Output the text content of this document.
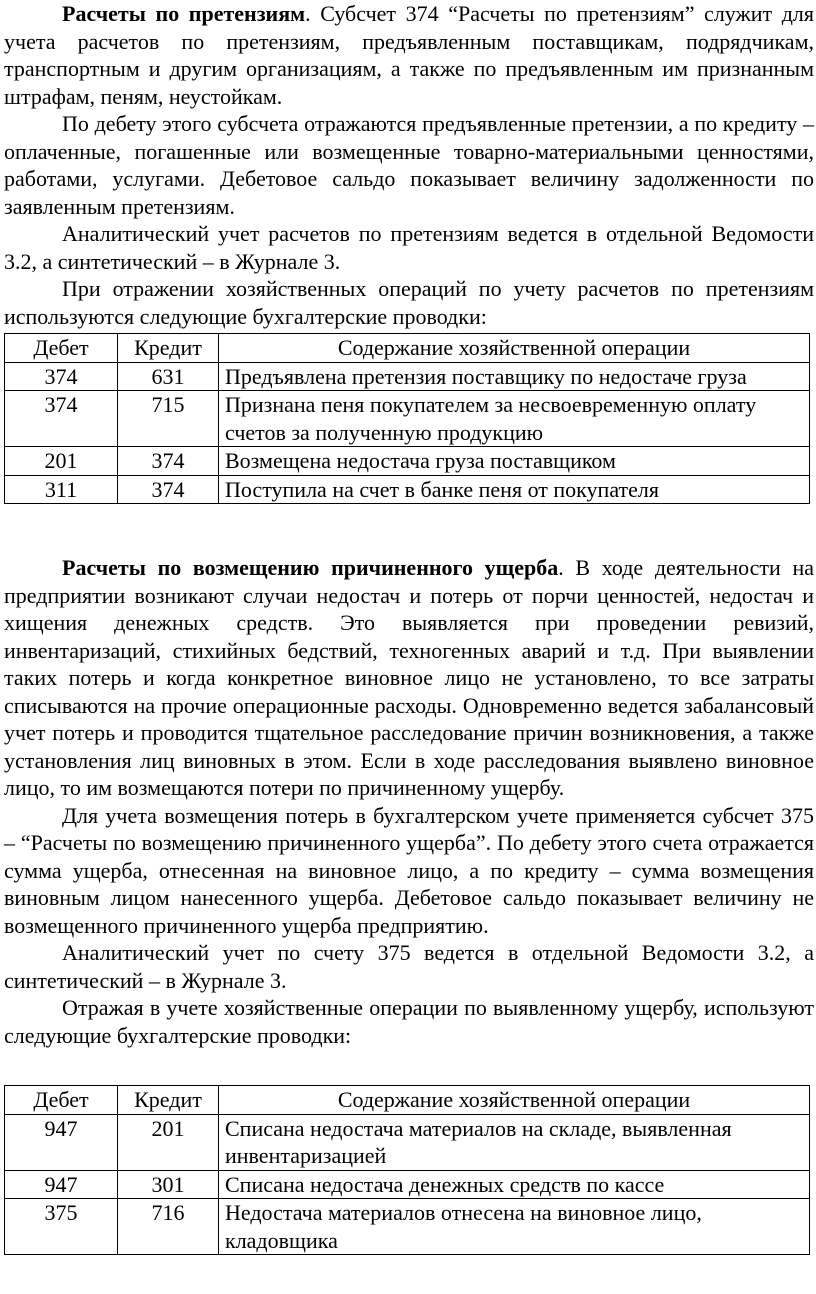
Расчеты по претензиям. Субсчет 374 “Расчеты по претензиям” служит для учета расчетов по претензиям, предъявленным поставщикам, подрядчикам, транспортным и другим организациям, а также по предъявленным им признанным штрафам, пеням, неустойкам.

По дебету этого субсчета отражаются предъявленные претензии, а по кредиту – оплаченные, погашенные или возмещенные товарно-материальными ценностями, работами, услугами. Дебетовое сальдо показывает величину задолженности по заявленным претензиям.

Аналитический учет расчетов по претензиям ведется в отдельной Ведомости 3.2, а синтетический – в Журнале 3.

При отражении хозяйственных операций по учету расчетов по претензиям используются следующие бухгалтерские проводки:

Дебет	Кредит	Содержание хозяйственной операции
374	631	Предъявлена претензия поставщику по недостаче груза
374	715	Признана пеня покупателем за несвоевременную оплату счетов за полученную продукцию
201	374	Возмещена недостача груза поставщиком
311	374	Поступила на счет в банке пеня от покупателя

Расчеты по возмещению причиненного ущерба. В ходе деятельности на предприятии возникают случаи недостач и потерь от порчи ценностей, недостач и хищения денежных средств. Это выявляется при проведении ревизий, инвентаризаций, стихийных бедствий, техногенных аварий и т.д. При выявлении таких потерь и когда конкретное виновное лицо не установлено, то все затраты списываются на прочие операционные расходы. Одновременно ведется забалансовый учет потерь и проводится тщательное расследование причин возникновения, а также установления лиц виновных в этом. Если в ходе расследования выявлено виновное лицо, то им возмещаются потери по причиненному ущербу.

Для учета возмещения потерь в бухгалтерском учете применяется субсчет 375 – “Расчеты по возмещению причиненного ущерба”. По дебету этого счета отражается сумма ущерба, отнесенная на виновное лицо, а по кредиту – сумма возмещения виновным лицом нанесенного ущерба. Дебетовое сальдо показывает величину не возмещенного причиненного ущерба предприятию.

Аналитический учет по счету 375 ведется в отдельной Ведомости 3.2, а синтетический – в Журнале 3.

Отражая в учете хозяйственные операции по выявленному ущербу, используют следующие бухгалтерские проводки:

Дебет	Кредит	Содержание хозяйственной операции
947	201	Списана недостача материалов на складе, выявленная инвентаризацией
947	301	Списана недостача денежных средств по кассе
375	716	Недостача материалов отнесена на виновное лицо, кладовщика
